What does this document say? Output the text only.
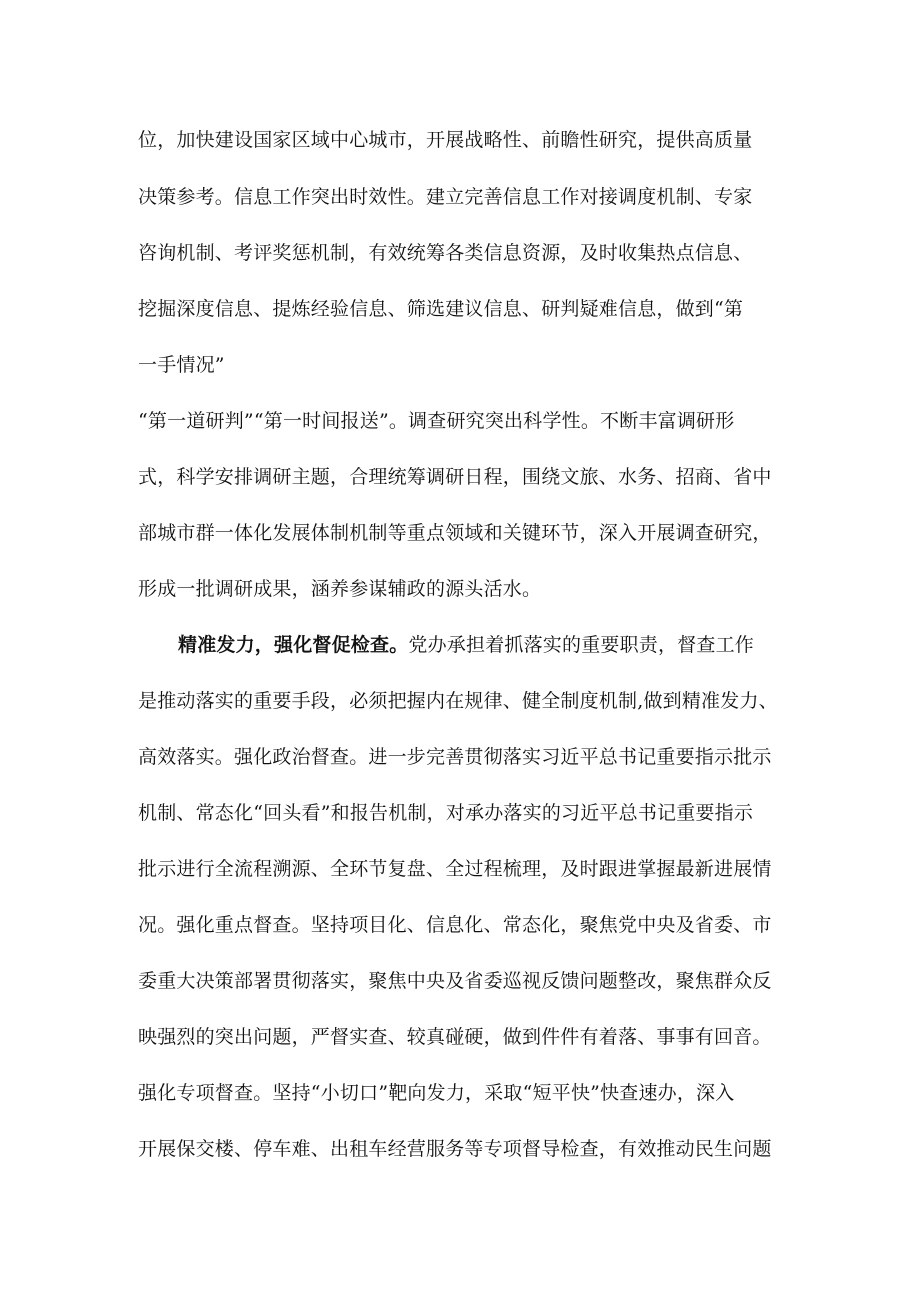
位，加快建设国家区域中心城市，开展战略性、前瞻性研究，提供高质量
决策参考。信息工作突出时效性。建立完善信息工作对接调度机制、专家
咨询机制、考评奖惩机制，有效统筹各类信息资源，及时收集热点信息、
挖掘深度信息、提炼经验信息、筛选建议信息、研判疑难信息，做到“第
一手情况”
“第一道研判”“第一时间报送”。调查研究突出科学性。不断丰富调研形
式，科学安排调研主题，合理统筹调研日程，围绕文旅、水务、招商、省中
部城市群一体化发展体制机制等重点领域和关键环节，深入开展调查研究，
形成一批调研成果，涵养参谋辅政的源头活水。
精准发力，强化督促检查。党办承担着抓落实的重要职责，督查工作
是推动落实的重要手段，必须把握内在规律、健全制度机制,做到精准发力、
高效落实。强化政治督查。进一步完善贯彻落实习近平总书记重要指示批示
机制、常态化“回头看”和报告机制，对承办落实的习近平总书记重要指示
批示进行全流程溯源、全环节复盘、全过程梳理，及时跟进掌握最新进展情
况。强化重点督查。坚持项目化、信息化、常态化，聚焦党中央及省委、市
委重大决策部署贯彻落实，聚焦中央及省委巡视反馈问题整改，聚焦群众反
映强烈的突出问题，严督实查、较真碰硬，做到件件有着落、事事有回音。
强化专项督查。坚持“小切口”靶向发力，采取“短平快”快查速办，深入
开展保交楼、停车难、出租车经营服务等专项督导检查，有效推动民生问题
